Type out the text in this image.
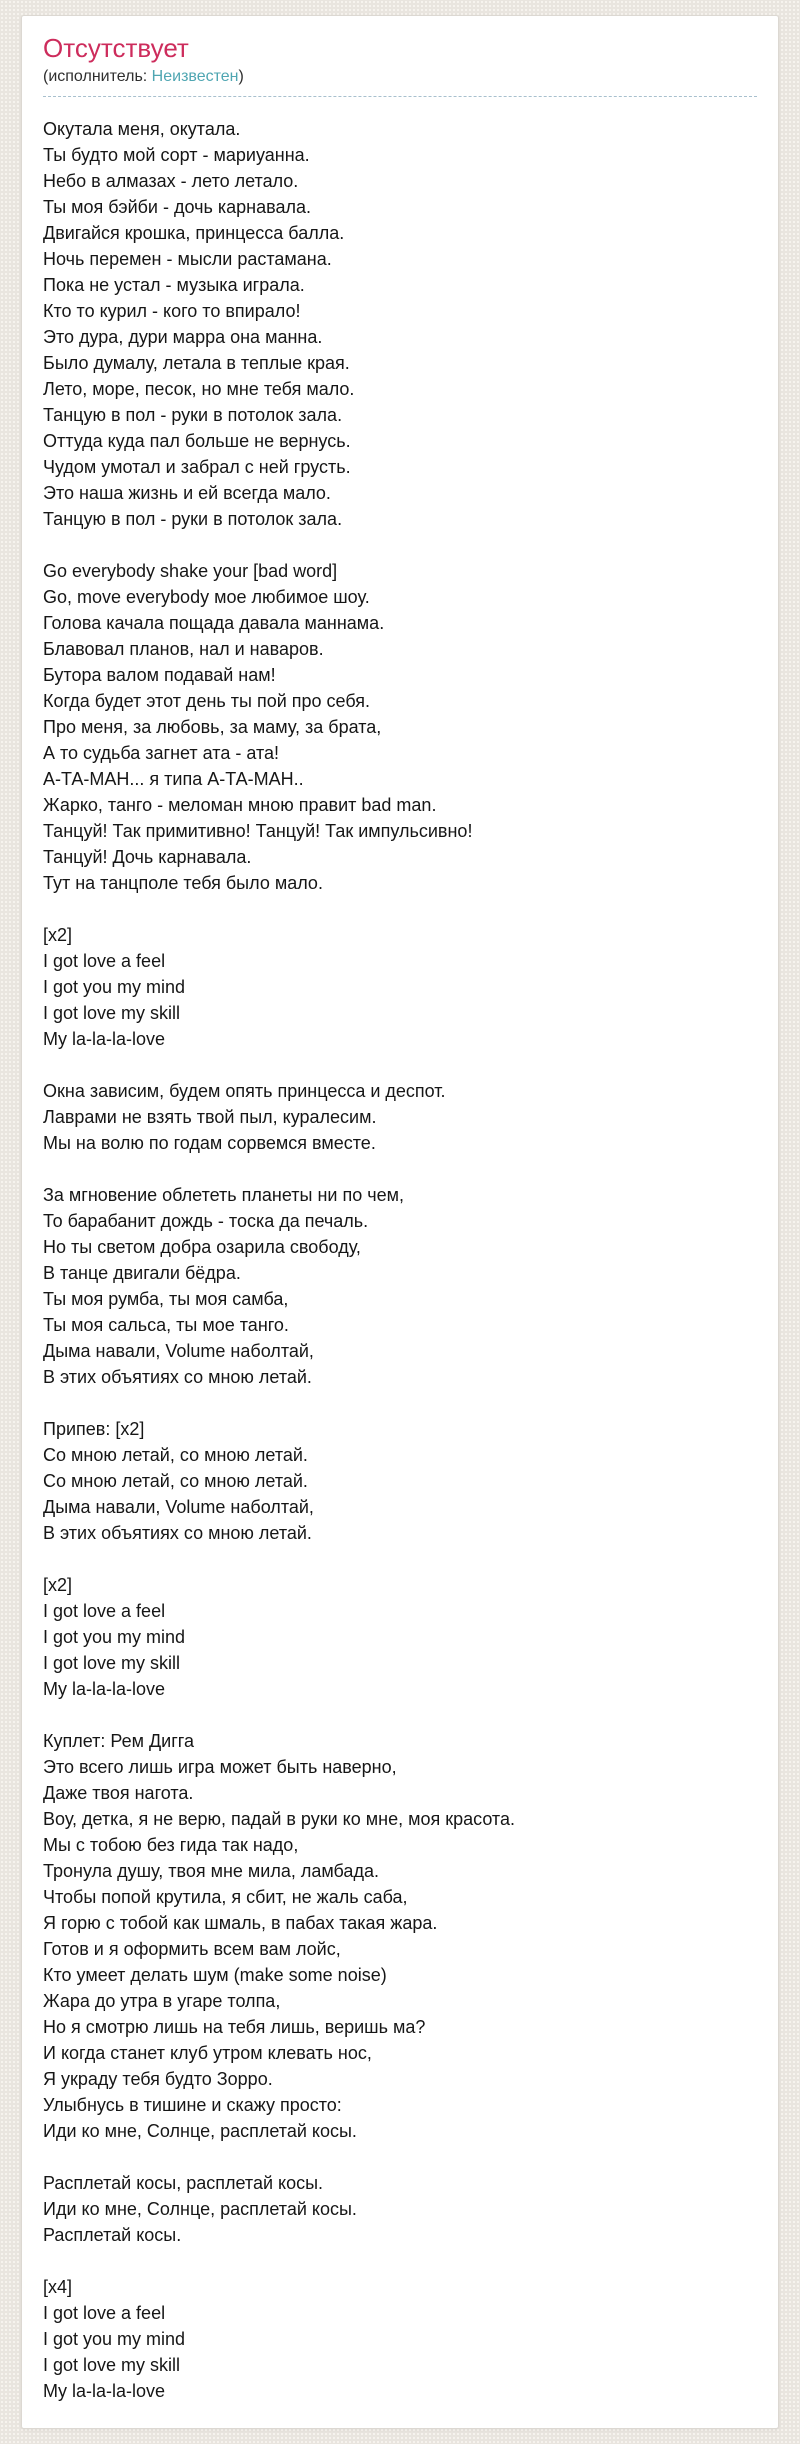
Отсутствует
(исполнитель: Неизвестен)
Окутала меня, окутала.
Ты будто мой сорт - мариуанна.
Небо в алмазах - лето летало.
Ты моя бэйби - дочь карнавала.
Двигайся крошка, принцесса балла.
Ночь перемен - мысли растамана.
Пока не устал - музыка играла.
Кто то курил - кого то впирало!
Это дура, дури марра она манна.
Было думалу, летала в теплые края.
Лето, море, песок, но мне тебя мало.
Танцую в пол - руки в потолок зала.
Оттуда куда пал больше не вернусь.
Чудом умотал и забрал с ней грусть.
Это наша жизнь и ей всегда мало.
Танцую в пол - руки в потолок зала.
Go everybody shake your [bad word]
Go, move everybody мое любимое шоу.
Голова качала пощада давала маннама.
Блавовал планов, нал и наваров.
Бутора валом подавай нам!
Когда будет этот день ты пой про себя.
Про меня, за любовь, за маму, за брата,
А то судьба загнет ата - ата!
А-ТА-МАН... я типа А-ТА-МАН..
Жарко, танго - меломан мною правит bad man.
Танцуй! Так примитивно! Танцуй! Так импульсивно!
Танцуй! Дочь карнавала.
Тут на танцполе тебя было мало.
[x2]
I got love a feel
I got you my mind
I got love my skill
My la-la-la-love
Окна зависим, будем опять принцесса и деспот.
Лаврами не взять твой пыл, куралесим.
Мы на волю по годам сорвемся вместе.
За мгновение облететь планеты ни по чем,
То барабанит дождь - тоска да печаль.
Но ты светом добра озарила свободу,
В танце двигали бёдра.
Ты моя румба, ты моя самба,
Ты моя сальса, ты мое танго.
Дыма навали, Volume наболтай,
В этих объятиях со мною летай.
Припев: [x2]
Со мною летай, со мною летай.
Со мною летай, со мною летай.
Дыма навали, Volume наболтай,
В этих объятиях со мною летай.
[x2]
I got love a feel
I got you my mind
I got love my skill
My la-la-la-love
Куплет: Рем Дигга
Это всего лишь игра может быть наверно,
Даже твоя нагота.
Воу, детка, я не верю, падай в руки ко мне, моя красота.
Мы с тобою без гида так надо,
Тронула душу, твоя мне мила, ламбада.
Чтобы попой крутила, я сбит, не жаль саба,
Я горю с тобой как шмаль, в пабах такая жара.
Готов и я оформить всем вам лойс,
Кто умеет делать шум (make some noise)
Жара до утра в угаре толпа,
Но я смотрю лишь на тебя лишь, веришь ма?
И когда станет клуб утром клевать нос,
Я украду тебя будто Зорро.
Улыбнусь в тишине и скажу просто:
Иди ко мне, Солнце, расплетай косы.
Расплетай косы, расплетай косы.
Иди ко мне, Солнце, расплетай косы.
Расплетай косы.
[x4]
I got love a feel
I got you my mind
I got love my skill
My la-la-la-love
